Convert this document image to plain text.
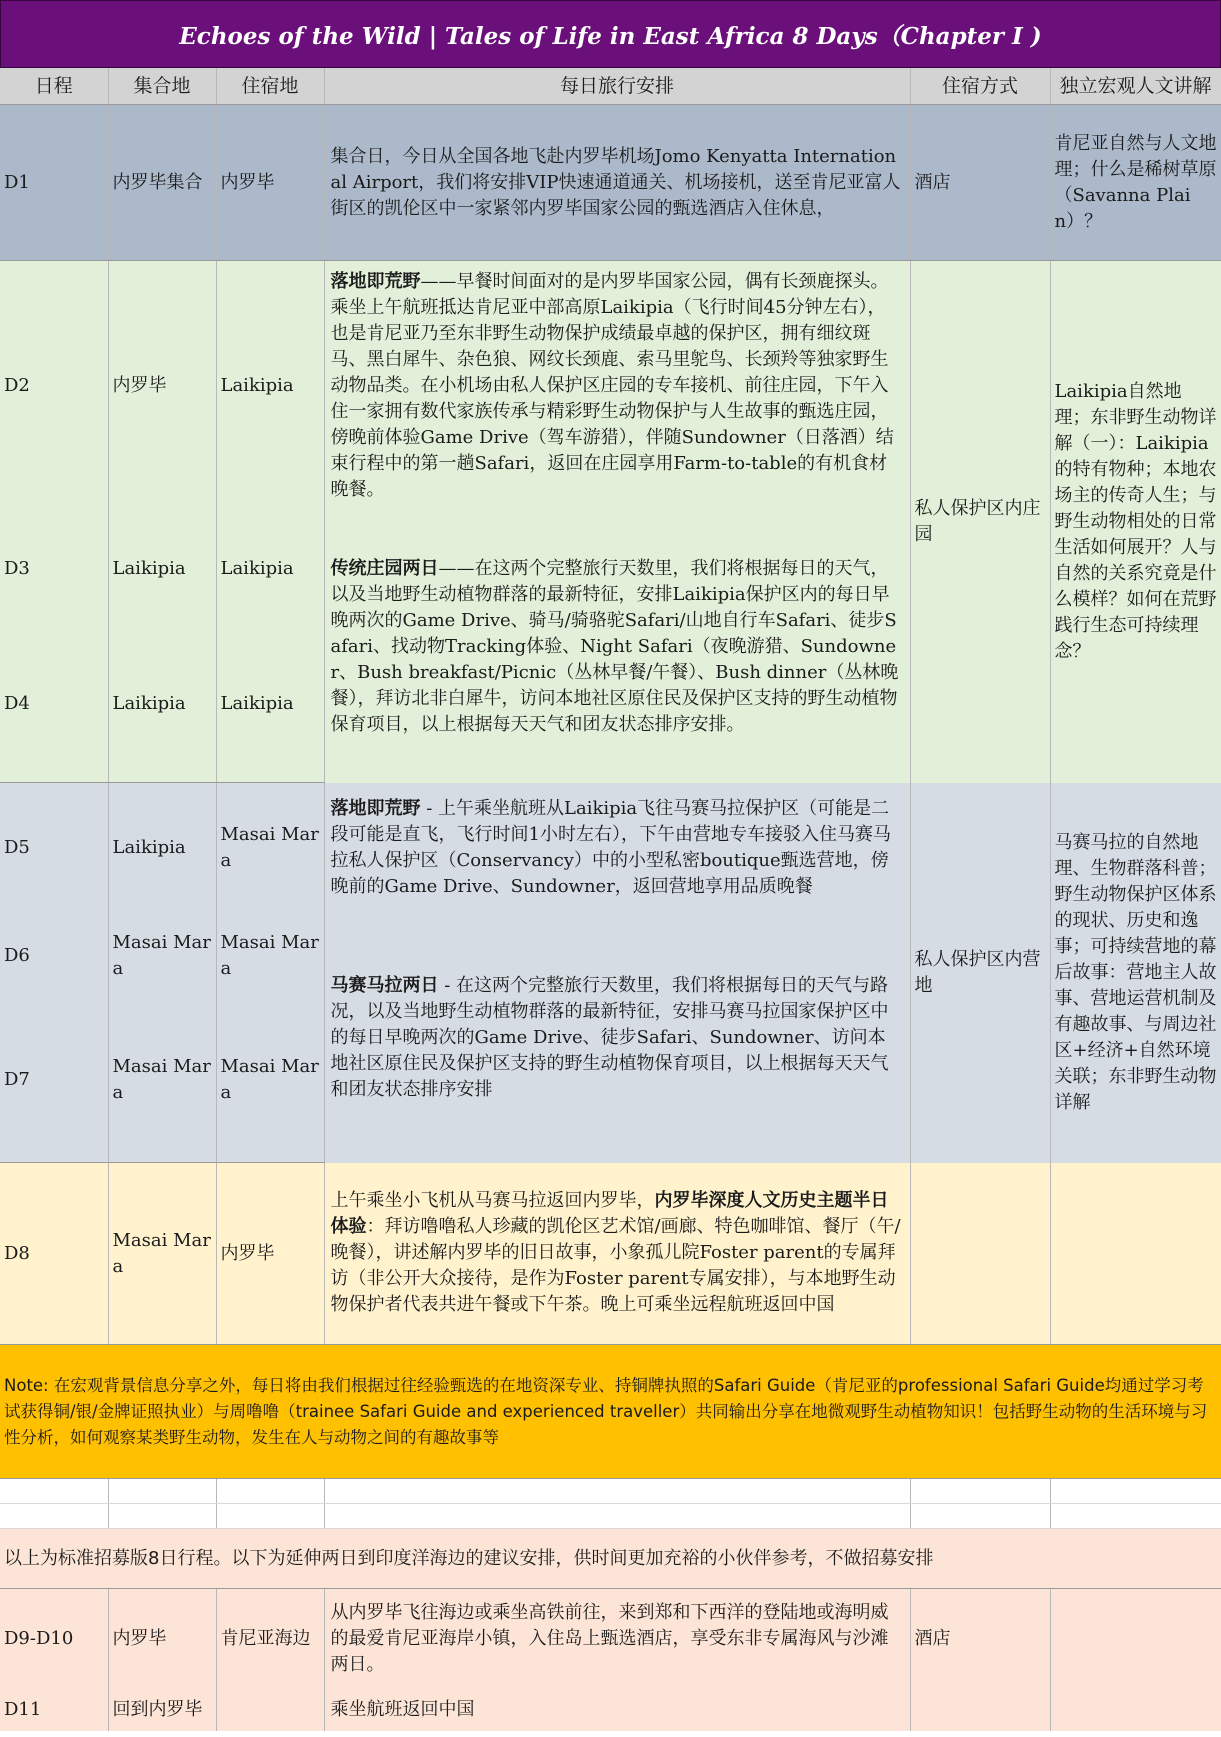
Echoes of the Wild | Tales of Life in East Africa 8 Days（Chapter I )
日程	集合地	住宿地	每日旅行安排	住宿方式	独立宏观人文讲解
D1	内罗毕集合	内罗毕	集合日，今日从全国各地飞赴内罗毕机场Jomo Kenyatta International Airport，我们将安排VIP快速通道通关、机场接机，送至肯尼亚富人街区的凯伦区中一家紧邻内罗毕国家公园的甄选酒店入住休息，	酒店	肯尼亚自然与人文地理；什么是稀树草原（Savanna Plain）？
D2	内罗毕	Laikipia	落地即荒野——早餐时间面对的是内罗毕国家公园，偶有长颈鹿探头。乘坐上午航班抵达肯尼亚中部高原Laikipia（飞行时间45分钟左右），也是肯尼亚乃至东非野生动物保护成绩最卓越的保护区，拥有细纹斑马、黑白犀牛、杂色狼、网纹长颈鹿、索马里鸵鸟、长颈羚等独家野生动物品类。在小机场由私人保护区庄园的专车接机、前往庄园，下午入住一家拥有数代家族传承与精彩野生动物保护与人生故事的甄选庄园，傍晚前体验Game Drive（驾车游猎），伴随Sundowner（日落酒）结束行程中的第一趟Safari，返回在庄园享用Farm-to-table的有机食材晚餐。	私人保护区内庄园	Laikipia自然地理；东非野生动物详解（一）：Laikipia的特有物种；本地农场主的传奇人生；与野生动物相处的日常生活如何展开？人与自然的关系究竟是什么模样？如何在荒野践行生态可持续理念？
D3	Laikipia	Laikipia	传统庄园两日——在这两个完整旅行天数里，我们将根据每日的天气，以及当地野生动植物群落的最新特征，安排Laikipia保护区内的每日早晚两次的Game Drive、骑马/骑骆驼Safari/山地自行车Safari、徒步Safari、找动物Tracking体验、Night Safari（夜晚游猎、Sundowner、Bush breakfast/Picnic（丛林早餐/午餐）、Bush dinner（丛林晚餐），拜访北非白犀牛，访问本地社区原住民及保护区支持的野生动植物保育项目，以上根据每天天气和团友状态排序安排。		
D4	Laikipia	Laikipia			
D5	Laikipia	Masai Mara	落地即荒野 - 上午乘坐航班从Laikipia飞往马赛马拉保护区（可能是二段可能是直飞，飞行时间1小时左右），下午由营地专车接驳入住马赛马拉私人保护区（Conservancy）中的小型私密boutique甄选营地，傍晚前的Game Drive、Sundowner，返回营地享用品质晚餐	私人保护区内营地	马赛马拉的自然地理、生物群落科普；野生动物保护区体系的现状、历史和逸事；可持续营地的幕后故事：营地主人故事、营地运营机制及有趣故事、与周边社区+经济+自然环境关联；东非野生动物详解
D6	Masai Mara	Masai Mara	马赛马拉两日 - 在这两个完整旅行天数里，我们将根据每日的天气与路况，以及当地野生动植物群落的最新特征，安排马赛马拉国家保护区中的每日早晚两次的Game Drive、徒步Safari、Sundowner、访问本地社区原住民及保护区支持的野生动植物保育项目，以上根据每天天气和团友状态排序安排		
D7	Masai Mara	Masai Mara			
D8	Masai Mara	内罗毕	上午乘坐小飞机从马赛马拉返回内罗毕，内罗毕深度人文历史主题半日体验：拜访噜噜私人珍藏的凯伦区艺术馆/画廊、特色咖啡馆、餐厅（午/晚餐），讲述解内罗毕的旧日故事，小象孤儿院Foster parent的专属拜访（非公开大众接待，是作为Foster parent专属安排），与本地野生动物保护者代表共进午餐或下午茶。晚上可乘坐远程航班返回中国		
Note: 在宏观背景信息分享之外，每日将由我们根据过往经验甄选的在地资深专业、持铜牌执照的Safari Guide（肯尼亚的professional Safari Guide均通过学习考试获得铜/银/金牌证照执业）与周噜噜（trainee Safari Guide and experienced traveller）共同输出分享在地微观野生动植物知识！包括野生动物的生活环境与习性分析，如何观察某类野生动物，发生在人与动物之间的有趣故事等					

以上为标准招募版8日行程。以下为延伸两日到印度洋海边的建议安排，供时间更加充裕的小伙伴参考，不做招募安排					
D9-D10	内罗毕	肯尼亚海边	从内罗毕飞往海边或乘坐高铁前往，来到郑和下西洋的登陆地或海明威的最爱肯尼亚海岸小镇，入住岛上甄选酒店，享受东非专属海风与沙滩两日。	酒店	
D11	回到内罗毕		乘坐航班返回中国		
